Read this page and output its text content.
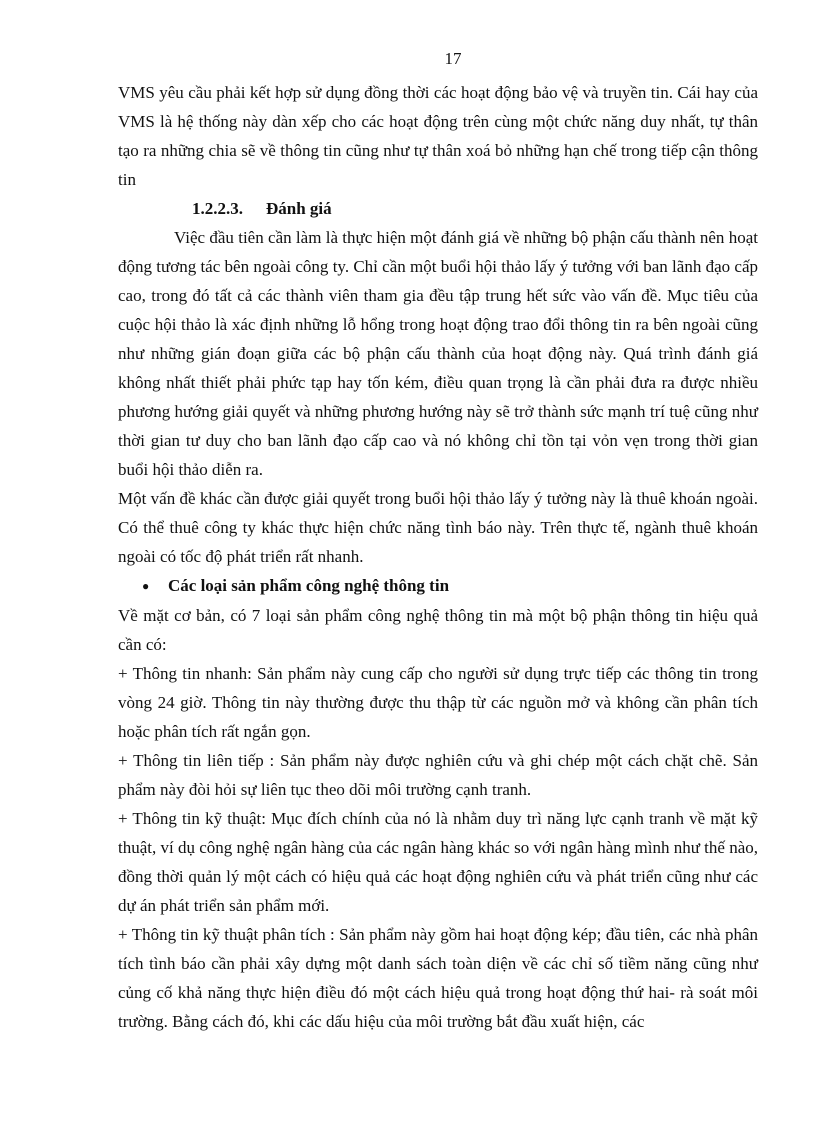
17

VMS yêu cầu phải kết hợp sử dụng đồng thời các hoạt động bảo vệ và truyền tin. Cái hay của VMS là hệ thống này dàn xếp cho các hoạt động trên cùng một chức năng duy nhất, tự thân tạo ra những chia sẽ về thông tin cũng như tự thân xoá bỏ những hạn chế trong tiếp cận thông tin

1.2.2.3. Đánh giá

Việc đầu tiên cần làm là thực hiện một đánh giá về những bộ phận cấu thành nên hoạt động tương tác bên ngoài công ty. Chỉ cần một buổi hội thảo lấy ý tưởng với ban lãnh đạo cấp cao, trong đó tất cả các thành viên tham gia đều tập trung hết sức vào vấn đề. Mục tiêu của cuộc hội thảo là xác định những lỗ hổng trong hoạt động trao đổi thông tin ra bên ngoài cũng như những gián đoạn giữa các bộ phận cấu thành của hoạt động này. Quá trình đánh giá không nhất thiết phải phức tạp hay tốn kém, điều quan trọng là cần phải đưa ra được nhiều phương hướng giải quyết và những phương hướng này sẽ trở thành sức mạnh trí tuệ cũng như thời gian tư duy cho ban lãnh đạo cấp cao và nó không chỉ tồn tại vỏn vẹn trong thời gian buổi hội thảo diễn ra.

Một vấn đề khác cần được giải quyết trong buổi hội thảo lấy ý tưởng này là thuê khoán ngoài. Có thể thuê công ty khác thực hiện chức năng tình báo này. Trên thực tế, ngành thuê khoán ngoài có tốc độ phát triển rất nhanh.

● Các loại sản phẩm công nghệ thông tin

Về mặt cơ bản, có 7 loại sản phẩm công nghệ thông tin mà một bộ phận thông tin hiệu quả cần có:

+ Thông tin nhanh: Sản phẩm này cung cấp cho người sử dụng trực tiếp các thông tin trong vòng 24 giờ. Thông tin này thường được thu thập từ các nguồn mở và không cần phân tích hoặc phân tích rất ngắn gọn.

+ Thông tin liên tiếp : Sản phẩm này được nghiên cứu và ghi chép một cách chặt chẽ. Sản phẩm này đòi hỏi sự liên tục theo dõi môi trường cạnh tranh.

+ Thông tin kỹ thuật: Mục đích chính của nó là nhằm duy trì năng lực cạnh tranh về mặt kỹ thuật, ví dụ công nghệ ngân hàng của các ngân hàng khác so với ngân hàng mình như thế nào, đồng thời quản lý một cách có hiệu quả các hoạt động nghiên cứu và phát triển cũng như các dự án phát triển sản phẩm mới.

+ Thông tin kỹ thuật phân tích : Sản phẩm này gồm hai hoạt động kép; đầu tiên, các nhà phân tích tình báo cần phải xây dựng một danh sách toàn diện về các chỉ số tiềm năng cũng như củng cố khả năng thực hiện điều đó một cách hiệu quả trong hoạt động thứ hai- rà soát môi trường. Bằng cách đó, khi các dấu hiệu của môi trường bắt đầu xuất hiện, các
